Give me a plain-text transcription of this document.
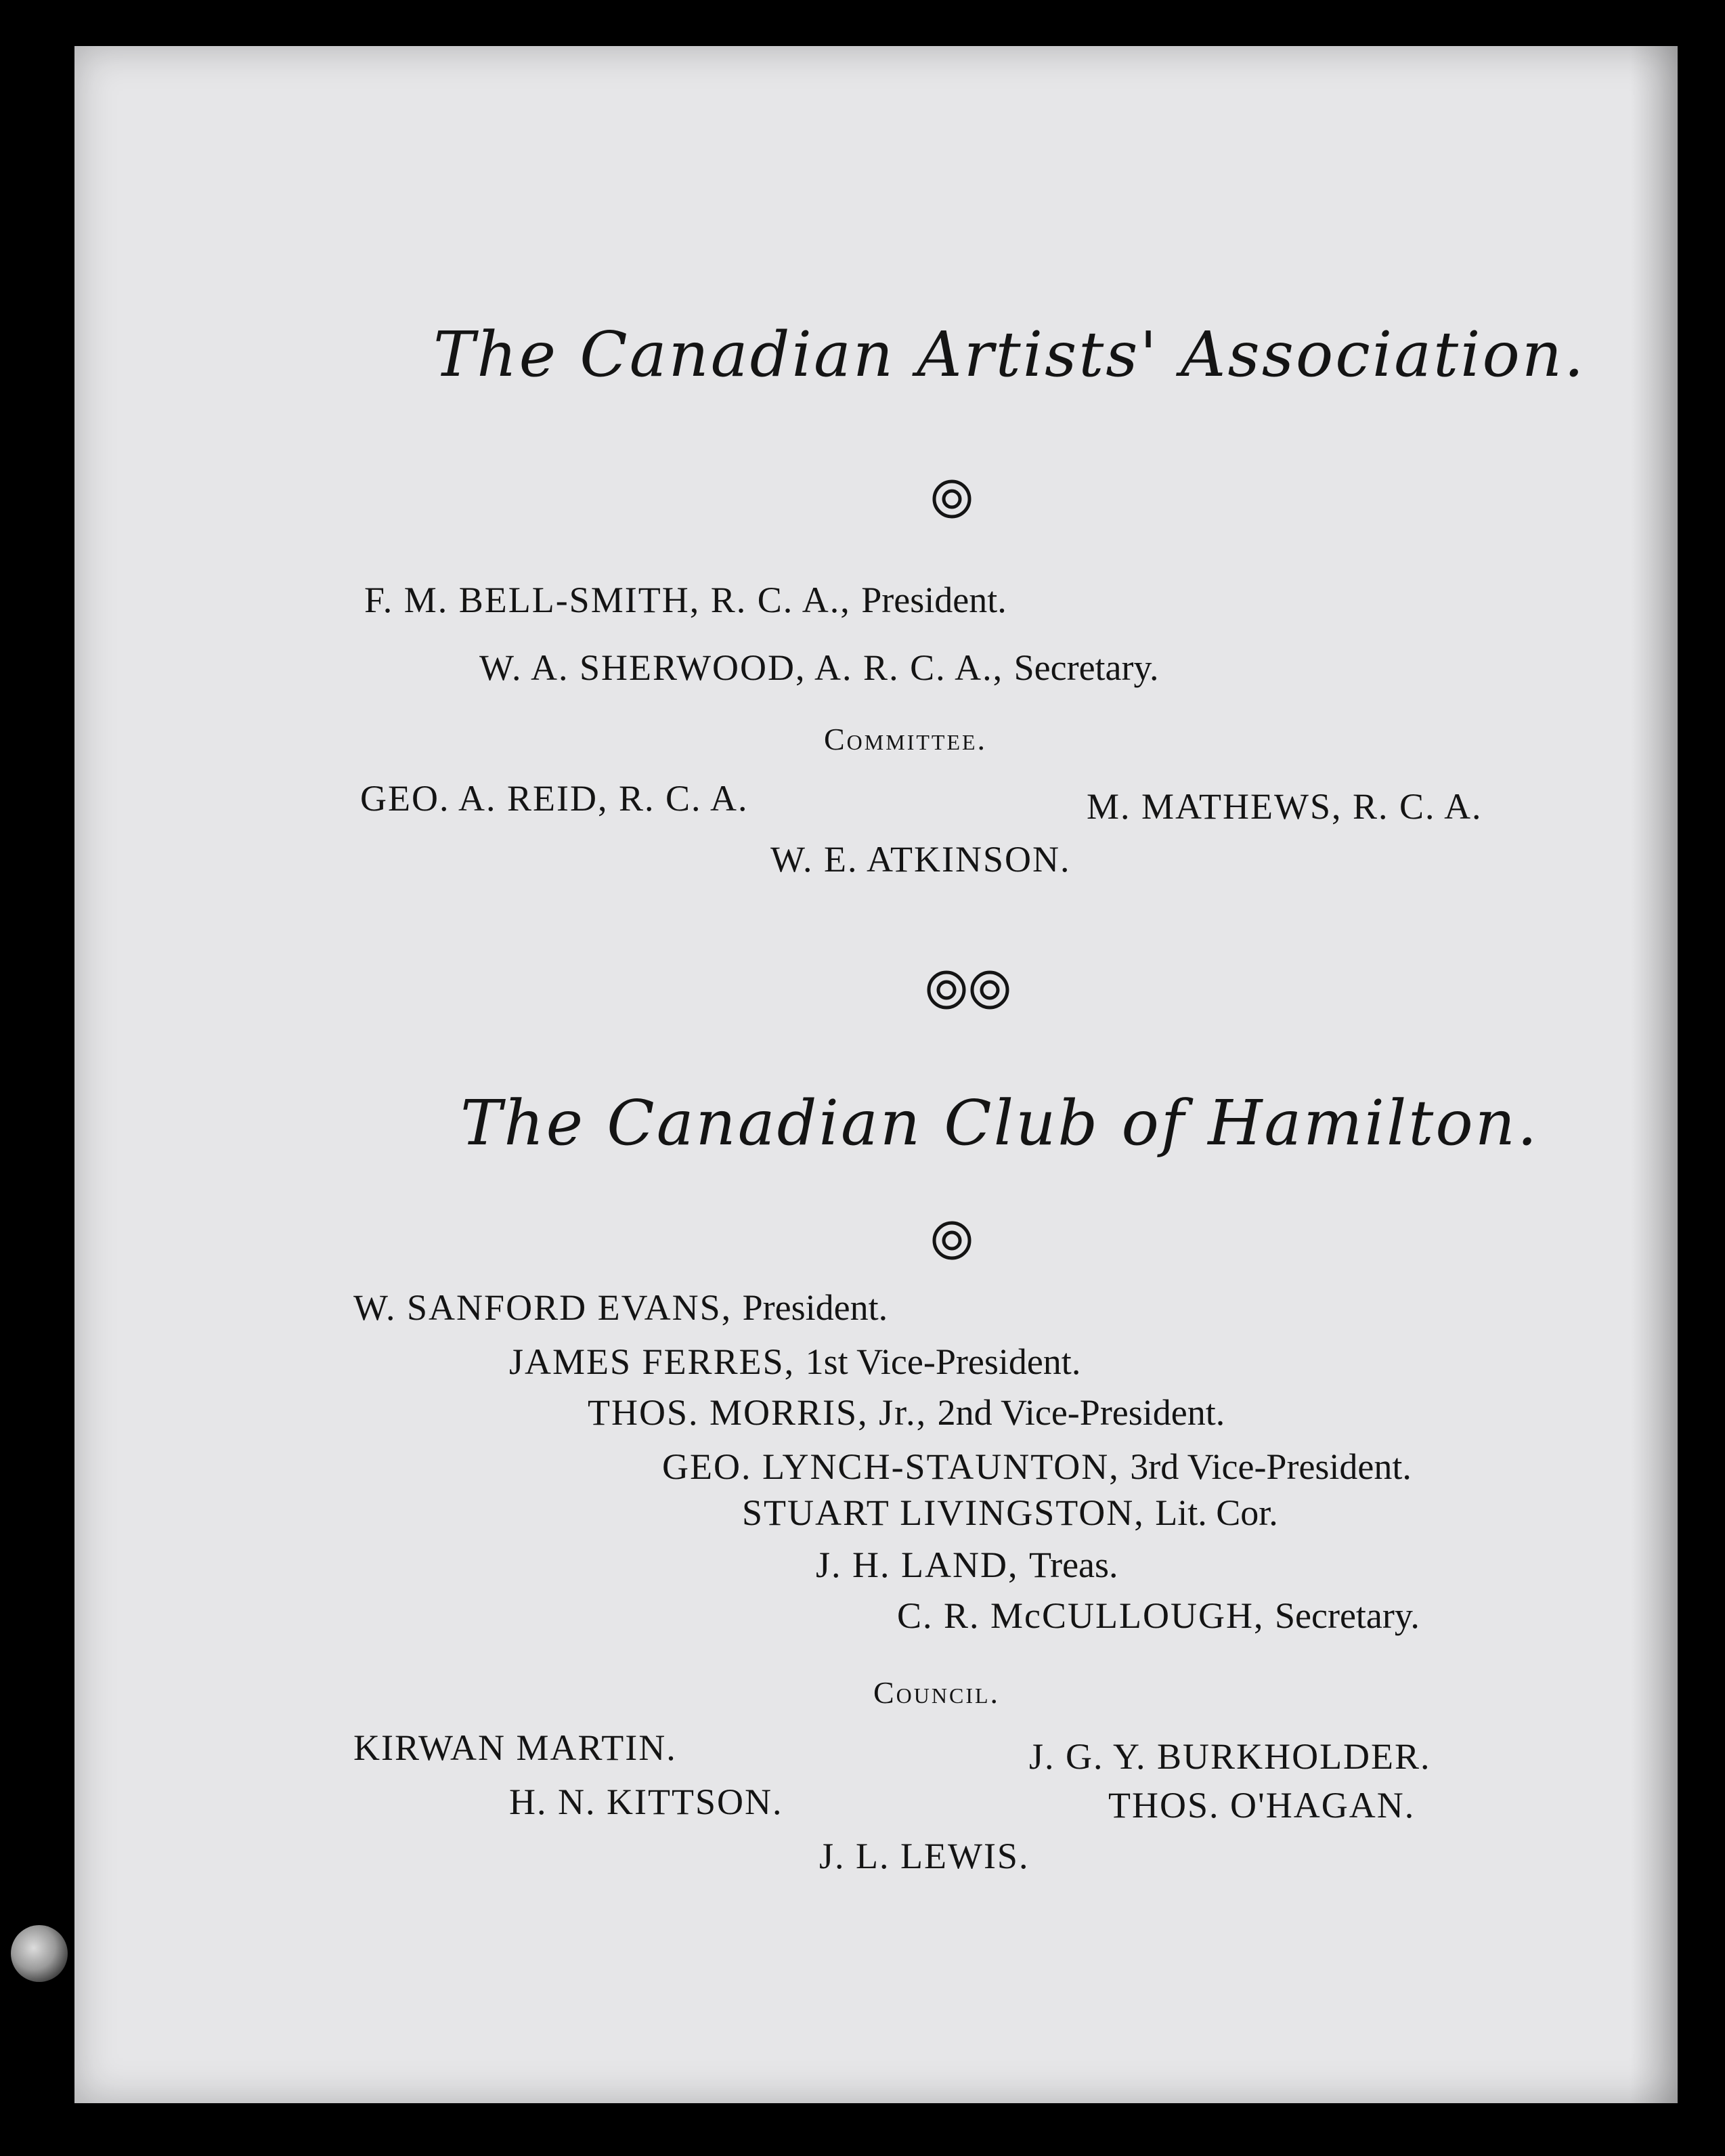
The Canadian Artists' Association.
F. M. BELL-SMITH, R. C. A., President.
W. A. SHERWOOD, A. R. C. A., Secretary.
Committee.
GEO. A. REID, R. C. A.	M. MATHEWS, R. C. A.
W. E. ATKINSON.
The Canadian Club of Hamilton.
W. SANFORD EVANS, President.
JAMES FERRES, 1st Vice-President.
THOS. MORRIS, Jr., 2nd Vice-President.
GEO. LYNCH-STAUNTON, 3rd Vice-President.
STUART LIVINGSTON, Lit. Cor.
J. H. LAND, Treas.
C. R. McCULLOUGH, Secretary.
Council.
KIRWAN MARTIN.	J. G. Y. BURKHOLDER.
H. N. KITTSON.	THOS. O'HAGAN.
J. L. LEWIS.
